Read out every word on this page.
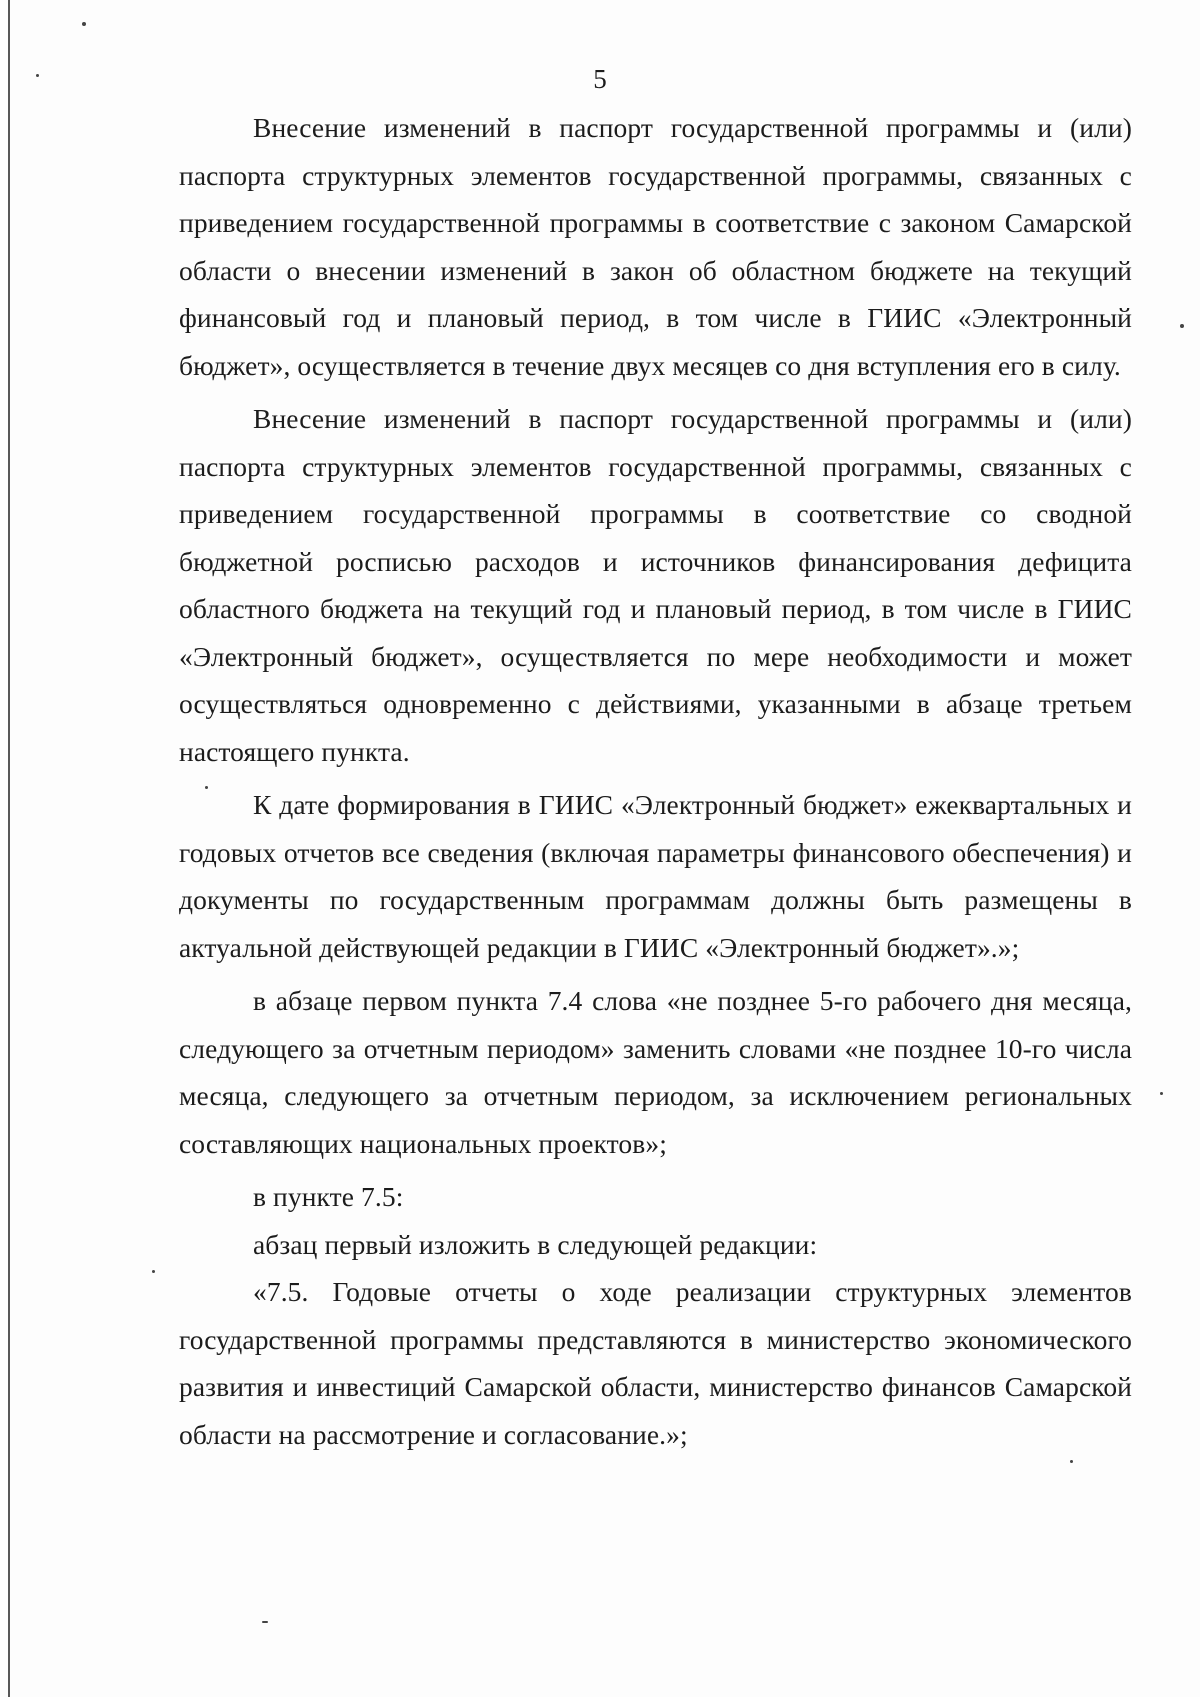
5

Внесение изменений в паспорт государственной программы и (или) паспорта структурных элементов государственной программы, связанных с приведением государственной программы в соответствие с законом Самарской области о внесении изменений в закон об областном бюджете на текущий финансовый год и плановый период, в том числе в ГИИС «Электронный бюджет», осуществляется в течение двух месяцев со дня вступления его в силу.

Внесение изменений в паспорт государственной программы и (или) паспорта структурных элементов государственной программы, связанных с приведением государственной программы в соответствие со сводной бюджетной росписью расходов и источников финансирования дефицита областного бюджета на текущий год и плановый период, в том числе в ГИИС «Электронный бюджет», осуществляется по мере необходимости и может осуществляться одновременно с действиями, указанными в абзаце третьем настоящего пункта.

К дате формирования в ГИИС «Электронный бюджет» ежеквартальных и годовых отчетов все сведения (включая параметры финансового обеспечения) и документы по государственным программам должны быть размещены в актуальной действующей редакции в ГИИС «Электронный бюджет».»;

в абзаце первом пункта 7.4 слова «не позднее 5-го рабочего дня месяца, следующего за отчетным периодом» заменить словами «не позднее 10-го числа месяца, следующего за отчетным периодом, за исключением региональных составляющих национальных проектов»;

в пункте 7.5:

абзац первый изложить в следующей редакции:

«7.5. Годовые отчеты о ходе реализации структурных элементов государственной программы представляются в министерство экономического развития и инвестиций Самарской области, министерство финансов Самарской области на рассмотрение и согласование.»;
